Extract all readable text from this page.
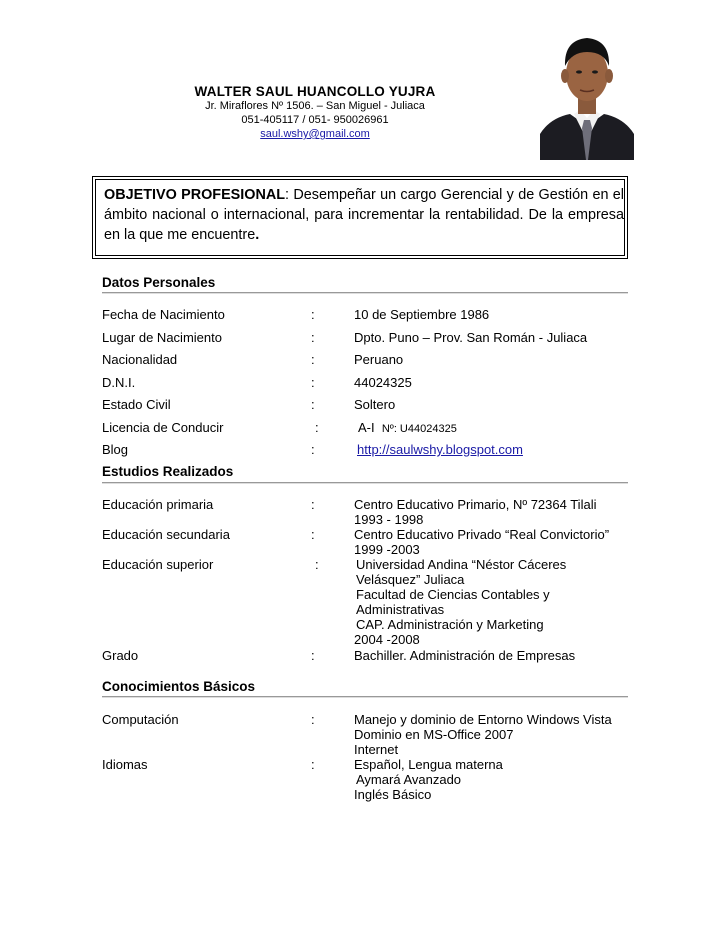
WALTER SAUL HUANCOLLO YUJRA
Jr. Miraflores Nº 1506. – San Miguel - Juliaca
051-405117 / 051- 950026961
saul.wshy@gmail.com
OBJETIVO PROFESIONAL: Desempeñar un cargo Gerencial y de Gestión en el ámbito nacional o internacional, para incrementar la rentabilidad. De la empresa en la que me encuentre.
Datos Personales
Fecha de Nacimiento	:	10 de Septiembre 1986
Lugar de Nacimiento	:	Dpto. Puno – Prov. San Román - Juliaca
Nacionalidad	:	Peruano
D.N.I.	:	44024325
Estado Civil	:	Soltero
Licencia de Conducir	:	A-I Nº: U44024325
Blog	:	http://saulwshy.blogspot.com
Estudios Realizados
Educación primaria	:	Centro Educativo Primario, Nº 72364 Tilali
1993 - 1998
Educación secundaria	:	Centro Educativo Privado “Real Convictorio”
1999 -2003
Educación superior	:	Universidad Andina “Néstor Cáceres
Velásquez” Juliaca
Facultad de Ciencias Contables y
Administrativas
CAP. Administración y Marketing
2004 -2008
Grado	:	Bachiller. Administración de Empresas
Conocimientos Básicos
Computación	:	Manejo y dominio de Entorno Windows Vista
Dominio en MS-Office 2007
Internet
Idiomas	:	Español, Lengua materna
Aymará Avanzado
Inglés Básico
